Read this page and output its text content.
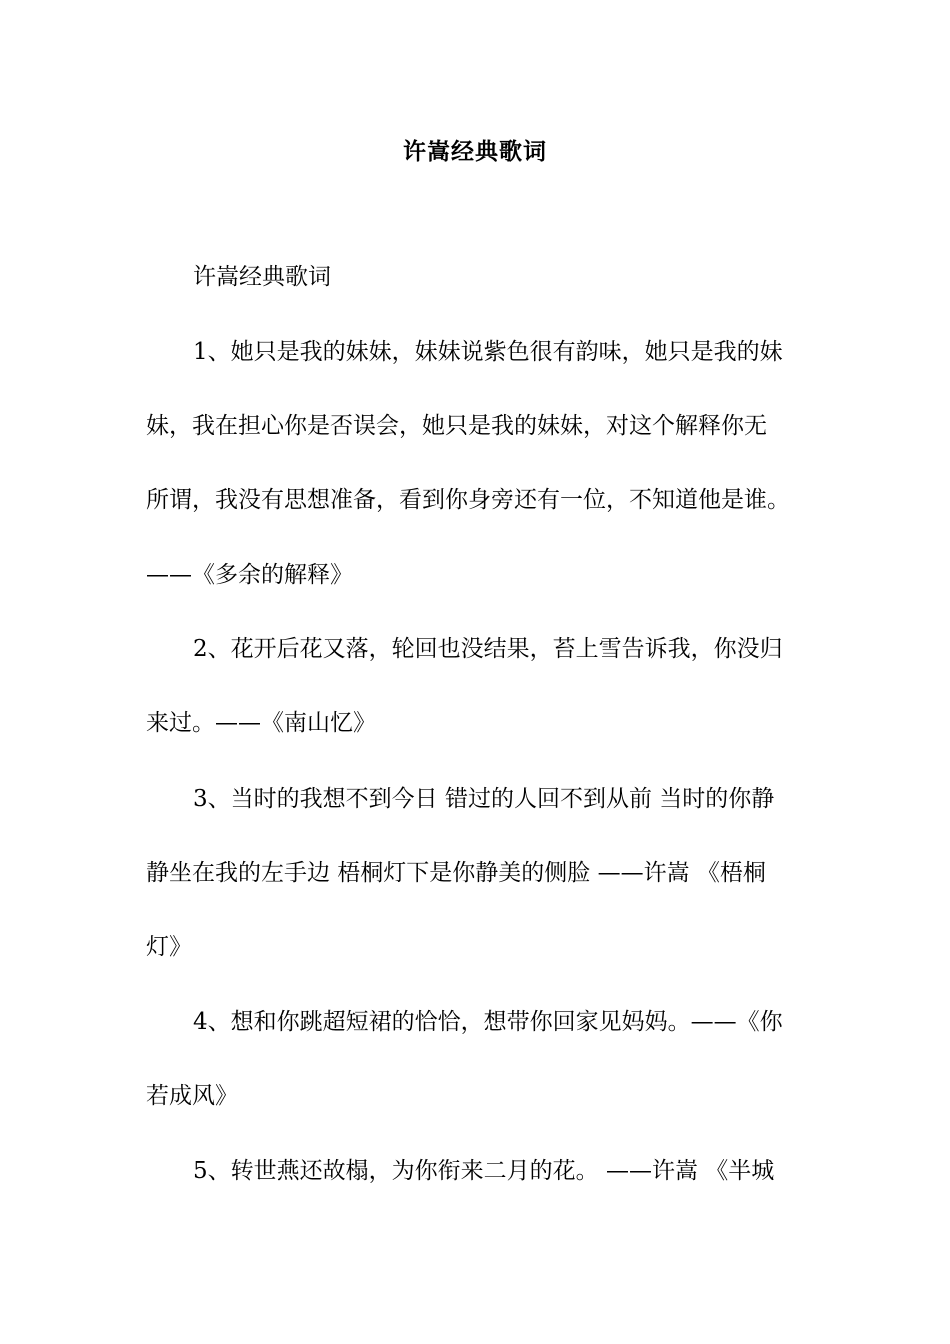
许嵩经典歌词
许嵩经典歌词
1、她只是我的妹妹，妹妹说紫色很有韵味，她只是我的妹
妹，我在担心你是否误会，她只是我的妹妹，对这个解释你无
所谓，我没有思想准备，看到你身旁还有一位，不知道他是谁。
——《多余的解释》
2、花开后花又落，轮回也没结果，苔上雪告诉我，你没归
来过。——《南山忆》
3、当时的我想不到今日 错过的人回不到从前 当时的你静
静坐在我的左手边 梧桐灯下是你静美的侧脸 ——许嵩 《梧桐
灯》
4、想和你跳超短裙的恰恰，想带你回家见妈妈。——《你
若成风》
5、转世燕还故榻，为你衔来二月的花。 ——许嵩 《半城
